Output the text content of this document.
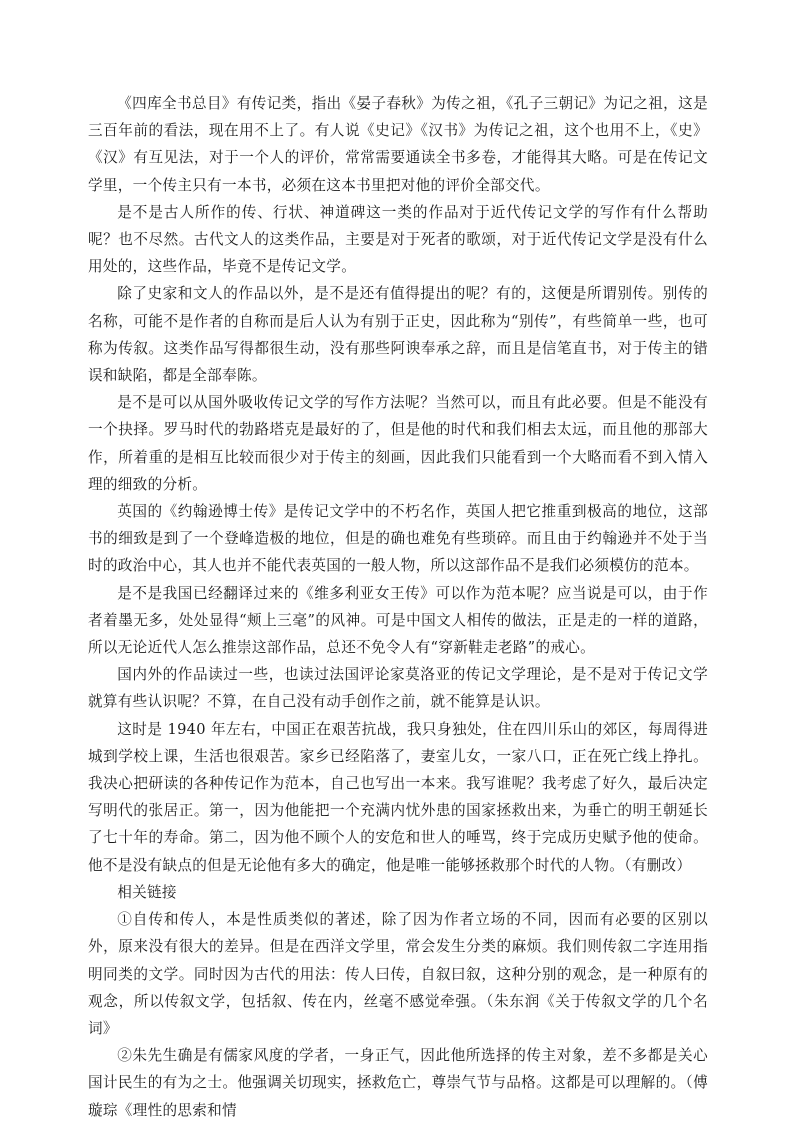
《四库全书总目》有传记类，指出《晏子春秋》为传之祖，《孔子三朝记》为记之祖，这是三百年前的看法，现在用不上了。有人说《史记》《汉书》为传记之祖，这个也用不上，《史》《汉》有互见法，对于一个人的评价，常常需要通读全书多卷，才能得其大略。可是在传记文学里，一个传主只有一本书，必须在这本书里把对他的评价全部交代。

是不是古人所作的传、行状、神道碑这一类的作品对于近代传记文学的写作有什么帮助呢？也不尽然。古代文人的这类作品，主要是对于死者的歌颂，对于近代传记文学是没有什么用处的，这些作品，毕竟不是传记文学。

除了史家和文人的作品以外，是不是还有值得提出的呢？有的，这便是所谓别传。别传的名称，可能不是作者的自称而是后人认为有别于正史，因此称为“别传”，有些简单一些，也可称为传叙。这类作品写得都很生动，没有那些阿谀奉承之辞，而且是信笔直书，对于传主的错误和缺陷，都是全部奉陈。

是不是可以从国外吸收传记文学的写作方法呢？当然可以，而且有此必要。但是不能没有一个抉择。罗马时代的勃路塔克是最好的了，但是他的时代和我们相去太远，而且他的那部大作，所着重的是相互比较而很少对于传主的刻画，因此我们只能看到一个大略而看不到入情入理的细致的分析。

英国的《约翰逊博士传》是传记文学中的不朽名作，英国人把它推重到极高的地位，这部书的细致是到了一个登峰造极的地位，但是的确也难免有些琐碎。而且由于约翰逊并不处于当时的政治中心，其人也并不能代表英国的一般人物，所以这部作品不是我们必须模仿的范本。

是不是我国已经翻译过来的《维多利亚女王传》可以作为范本呢？应当说是可以，由于作者着墨无多，处处显得“颊上三毫”的风神。可是中国文人相传的做法，正是走的一样的道路，所以无论近代人怎么推崇这部作品，总还不免令人有“穿新鞋走老路”的戒心。

国内外的作品读过一些，也读过法国评论家莫洛亚的传记文学理论，是不是对于传记文学就算有些认识呢？不算，在自己没有动手创作之前，就不能算是认识。

这时是 1940 年左右，中国正在艰苦抗战，我只身独处，住在四川乐山的郊区，每周得进城到学校上课，生活也很艰苦。家乡已经陷落了，妻室儿女，一家八口，正在死亡线上挣扎。我决心把研读的各种传记作为范本，自己也写出一本来。我写谁呢？我考虑了好久，最后决定写明代的张居正。第一，因为他能把一个充满内忧外患的国家拯救出来，为垂亡的明王朝延长了七十年的寿命。第二，因为他不顾个人的安危和世人的唾骂，终于完成历史赋予他的使命。他不是没有缺点的但是无论他有多大的确定，他是唯一能够拯救那个时代的人物。（有删改）

相关链接

①自传和传人，本是性质类似的著述，除了因为作者立场的不同，因而有必要的区别以外，原来没有很大的差异。但是在西洋文学里，常会发生分类的麻烦。我们则传叙二字连用指明同类的文学。同时因为古代的用法：传人曰传，自叙曰叙，这种分别的观念，是一种原有的观念，所以传叙文学，包括叙、传在内，丝毫不感觉牵强。（朱东润《关于传叙文学的几个名词》

②朱先生确是有儒家风度的学者，一身正气，因此他所选择的传主对象，差不多都是关心国计民生的有为之士。他强调关切现实，拯救危亡，尊崇气节与品格。这都是可以理解的。（傅璇琮《理性的思索和情
